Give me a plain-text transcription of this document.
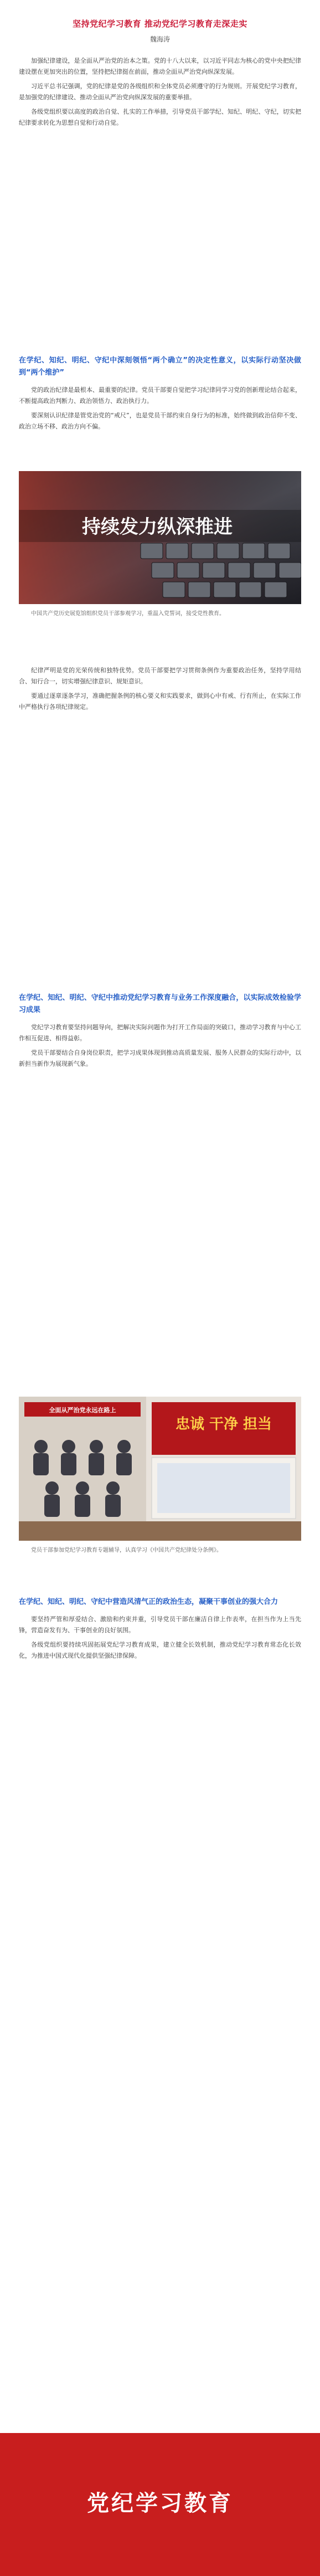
坚持党纪学习教育 推动党纪学习教育走深走实
魏海涛

加强纪律建设，是全面从严治党的治本之策。党的十八大以来，以习近平同志为核心的党中央把纪律建设摆在更加突出的位置，坚持把纪律挺在前面，推动全面从严治党向纵深发展。

习近平总书记强调，党的纪律是党的各级组织和全体党员必须遵守的行为规则。开展党纪学习教育，是加强党的纪律建设、推动全面从严治党向纵深发展的重要举措。

各级党组织要以高度的政治自觉、扎实的工作举措，引导党员干部学纪、知纪、明纪、守纪，切实把纪律要求转化为思想自觉和行动自觉。

在学纪、知纪、明纪、守纪中深刻领悟“两个确立”的决定性意义，以实际行动坚决做到“两个维护”

党的政治纪律是最根本、最重要的纪律。党员干部要自觉把学习纪律同学习党的创新理论结合起来，不断提高政治判断力、政治领悟力、政治执行力。

要深刻认识纪律是管党治党的“戒尺”，也是党员干部约束自身行为的标准，始终做到政治信仰不变、政治立场不移、政治方向不偏。

持续发力纵深推进
中国共产党历史展览馆组织党员干部参观学习，重温入党誓词，接受党性教育。

纪律严明是党的光荣传统和独特优势。党员干部要把学习贯彻条例作为重要政治任务，坚持学用结合、知行合一，切实增强纪律意识、规矩意识。

要通过逐章逐条学习，准确把握条例的核心要义和实践要求，做到心中有戒、行有所止，在实际工作中严格执行各项纪律规定。

在学纪、知纪、明纪、守纪中推动党纪学习教育与业务工作深度融合，以实际成效检验学习成果

党纪学习教育要坚持问题导向，把解决实际问题作为打开工作局面的突破口，推动学习教育与中心工作相互促进、相得益彰。

党员干部要结合自身岗位职责，把学习成果体现到推动高质量发展、服务人民群众的实际行动中，以新担当新作为展现新气象。

忠诚 干净 担当
全面从严治党永远在路上
党员干部参加党纪学习教育专题辅导，认真学习《中国共产党纪律处分条例》。
在学纪、知纪、明纪、守纪中营造风清气正的政治生态，凝聚干事创业的强大合力

要坚持严管和厚爱结合、激励和约束并重，引导党员干部在廉洁自律上作表率，在担当作为上当先锋，营造奋发有为、干事创业的良好氛围。

各级党组织要持续巩固拓展党纪学习教育成果，建立健全长效机制，推动党纪学习教育常态化长效化，为推进中国式现代化提供坚强纪律保障。

党纪学习教育
